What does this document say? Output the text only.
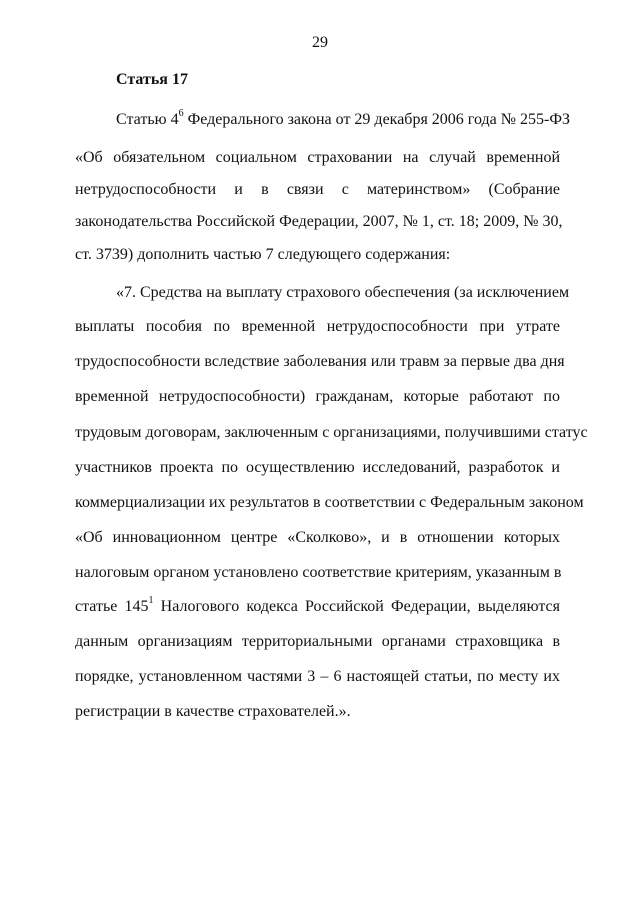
29
Статья 17
Статью $4^6$ Федерального закона от 29 декабря 2006 года № 255-ФЗ
«Об обязательном социальном страховании на случай временной
нетрудоспособности и в связи с материнством» (Собрание
законодательства Российской Федерации, 2007, № 1, ст. 18; 2009, № 30,
ст. 3739) дополнить частью 7 следующего содержания:
«7. Средства на выплату страхового обеспечения (за исключением
выплаты пособия по временной нетрудоспособности при утрате
трудоспособности вследствие заболевания или травм за первые два дня
временной нетрудоспособности) гражданам, которые работают по
трудовым договорам, заключенным с организациями, получившими статус
участников проекта по осуществлению исследований, разработок и
коммерциализации их результатов в соответствии с Федеральным законом
«Об инновационном центре «Сколково», и в отношении которых
налоговым органом установлено соответствие критериям, указанным в
статье $145^1$ Налогового кодекса Российской Федерации, выделяются
данным организациям территориальными органами страховщика в
порядке, установленном частями 3 – 6 настоящей статьи, по месту их
регистрации в качестве страхователей.».
